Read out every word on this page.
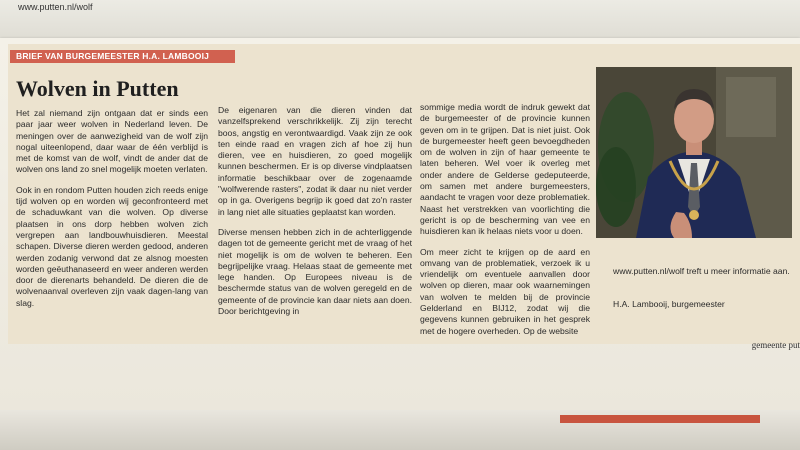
www.putten.nl/wolf
BRIEF VAN BURGEMEESTER H.A. LAMBOOIJ
Wolven in Putten

Het zal niemand zijn ontgaan dat er sinds een paar jaar weer wolven in Nederland leven. De meningen over de aanwezigheid van de wolf zijn nogal uiteenlopend, daar waar de één verblijd is met de komst van de wolf, vindt de ander dat de wolven ons land zo snel mogelijk moeten verlaten.

Ook in en rondom Putten houden zich reeds enige tijd wolven op en worden wij geconfronteerd met de schaduwkant van die wolven. Op diverse plaatsen in ons dorp hebben wolven zich vergrepen aan landbouwhuisdieren. Meestal schapen. Diverse dieren werden gedood, anderen werden zodanig verwond dat ze alsnog moesten worden geëuthanaseerd en weer anderen werden door de dierenarts behandeld. De dieren die de wolvenaanval overleven zijn vaak dagen-lang van slag.

De eigenaren van die dieren vinden dat vanzelfsprekend verschrikkelijk. Zij zijn terecht boos, angstig en verontwaardigd. Vaak zijn ze ook ten einde raad en vragen zich af hoe zij hun dieren, vee en huisdieren, zo goed mogelijk kunnen beschermen. Er is op diverse vindplaatsen informatie beschikbaar over de zogenaamde "wolfwerende rasters", zodat ik daar nu niet verder op in ga. Overigens begrijp ik goed dat zo'n raster in lang niet alle situaties geplaatst kan worden.

Diverse mensen hebben zich in de achterliggende dagen tot de gemeente gericht met de vraag of het niet mogelijk is om de wolven te beheren. Een begrijpelijke vraag. Helaas staat de gemeente met lege handen. Op Europees niveau is de beschermde status van de wolven geregeld en de gemeente of de provincie kan daar niets aan doen. Door berichtgeving in

sommige media wordt de indruk gewekt dat de burgemeester of de provincie kunnen geven om in te grijpen. Dat is niet juist. Ook de burgemeester heeft geen bevoegdheden om de wolven in zijn of haar gemeente te laten beheren. Wel voer ik overleg met onder andere de Gelderse gedeputeerde, om samen met andere burgemeesters, aandacht te vragen voor deze problematiek. Naast het verstrekken van voorlichting die gericht is op de bescherming van vee en huisdieren kan ik helaas niets voor u doen.

Om meer zicht te krijgen op de aard en omvang van de problematiek, verzoek ik u vriendelijk om eventuele aanvallen door wolven op dieren, maar ook waarnemingen van wolven te melden bij de provincie Gelderland en BIJ12, zodat wij die gegevens kunnen gebruiken in het gesprek met de hogere overheden. Op de website

www.putten.nl/wolf treft u meer informatie aan.
H.A. Lambooij, burgemeester
gemeente put
